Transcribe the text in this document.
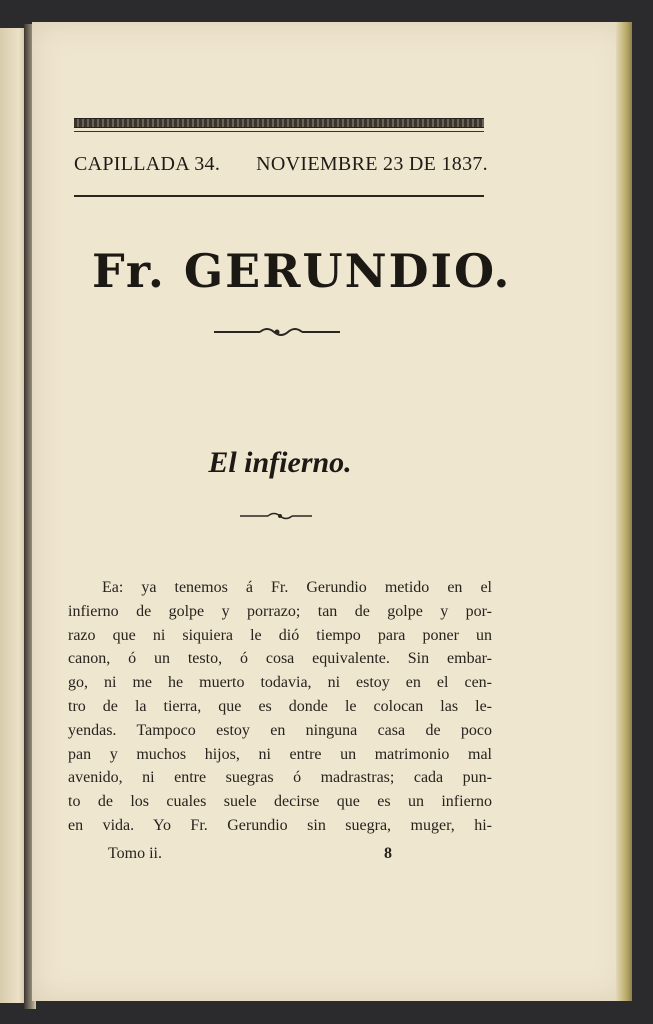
CAPILLADA 34. NOVIEMBRE 23 DE 1837.
Fr. GERUNDIO.
El infierno.
Ea: ya tenemos á Fr. Gerundio metido en el
infierno de golpe y porrazo; tan de golpe y por-
razo que ni siquiera le dió tiempo para poner un
canon, ó un testo, ó cosa equivalente. Sin embar-
go, ni me he muerto todavia, ni estoy en el cen-
tro de la tierra, que es donde le colocan las le-
yendas. Tampoco estoy en ninguna casa de poco
pan y muchos hijos, ni entre un matrimonio mal
avenido, ni entre suegras ó madrastras; cada pun-
to de los cuales suele decirse que es un infierno
en vida. Yo Fr. Gerundio sin suegra, muger, hi-
Tomo ii.	8
